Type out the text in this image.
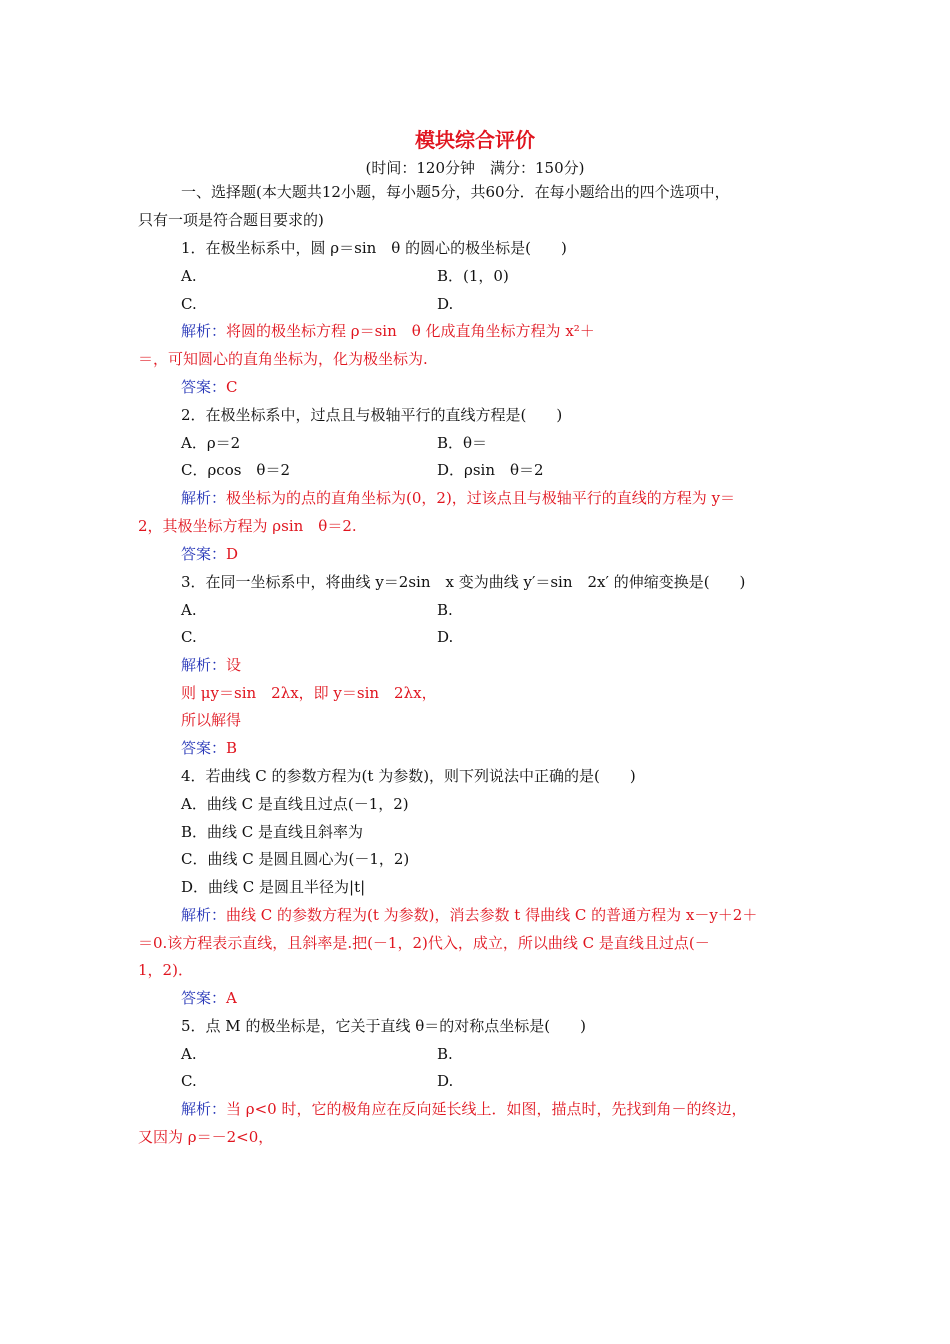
模块综合评价
(时间：120分钟　满分：150分)
一、选择题(本大题共12小题，每小题5分，共60分．在每小题给出的四个选项中，
只有一项是符合题目要求的)
1．在极坐标系中，圆 ρ＝sin　θ 的圆心的极坐标是(　　)
A.	B．(1，0)
C.	D.
解析：将圆的极坐标方程 ρ＝sin　θ 化成直角坐标方程为 x²＋
＝，可知圆心的直角坐标为，化为极坐标为.
答案：C
2．在极坐标系中，过点且与极轴平行的直线方程是(　　)
A．ρ＝2	B．θ＝
C．ρcos　θ＝2	D．ρsin　θ＝2
解析：极坐标为的点的直角坐标为(0，2)，过该点且与极轴平行的直线的方程为 y＝
2，其极坐标方程为 ρsin　θ＝2.
答案：D
3．在同一坐标系中，将曲线 y＝2sin　x 变为曲线 y′＝sin　2x′ 的伸缩变换是(　　)
A.	B.
C.	D.
解析：设
则 μy＝sin　2λx，即 y＝sin　2λx，
所以解得
答案：B
4．若曲线 C 的参数方程为(t 为参数)，则下列说法中正确的是(　　)
A．曲线 C 是直线且过点(－1，2)
B．曲线 C 是直线且斜率为
C．曲线 C 是圆且圆心为(－1，2)
D．曲线 C 是圆且半径为|t|
解析：曲线 C 的参数方程为(t 为参数)，消去参数 t 得曲线 C 的普通方程为 x－y＋2＋
＝0.该方程表示直线，且斜率是.把(－1，2)代入，成立，所以曲线 C 是直线且过点(－
1，2)．
答案：A
5．点 M 的极坐标是，它关于直线 θ＝的对称点坐标是(　　)
A.	B.
C.	D.
解析：当 ρ<0 时，它的极角应在反向延长线上．如图，描点时，先找到角－的终边，
又因为 ρ＝－2<0，
